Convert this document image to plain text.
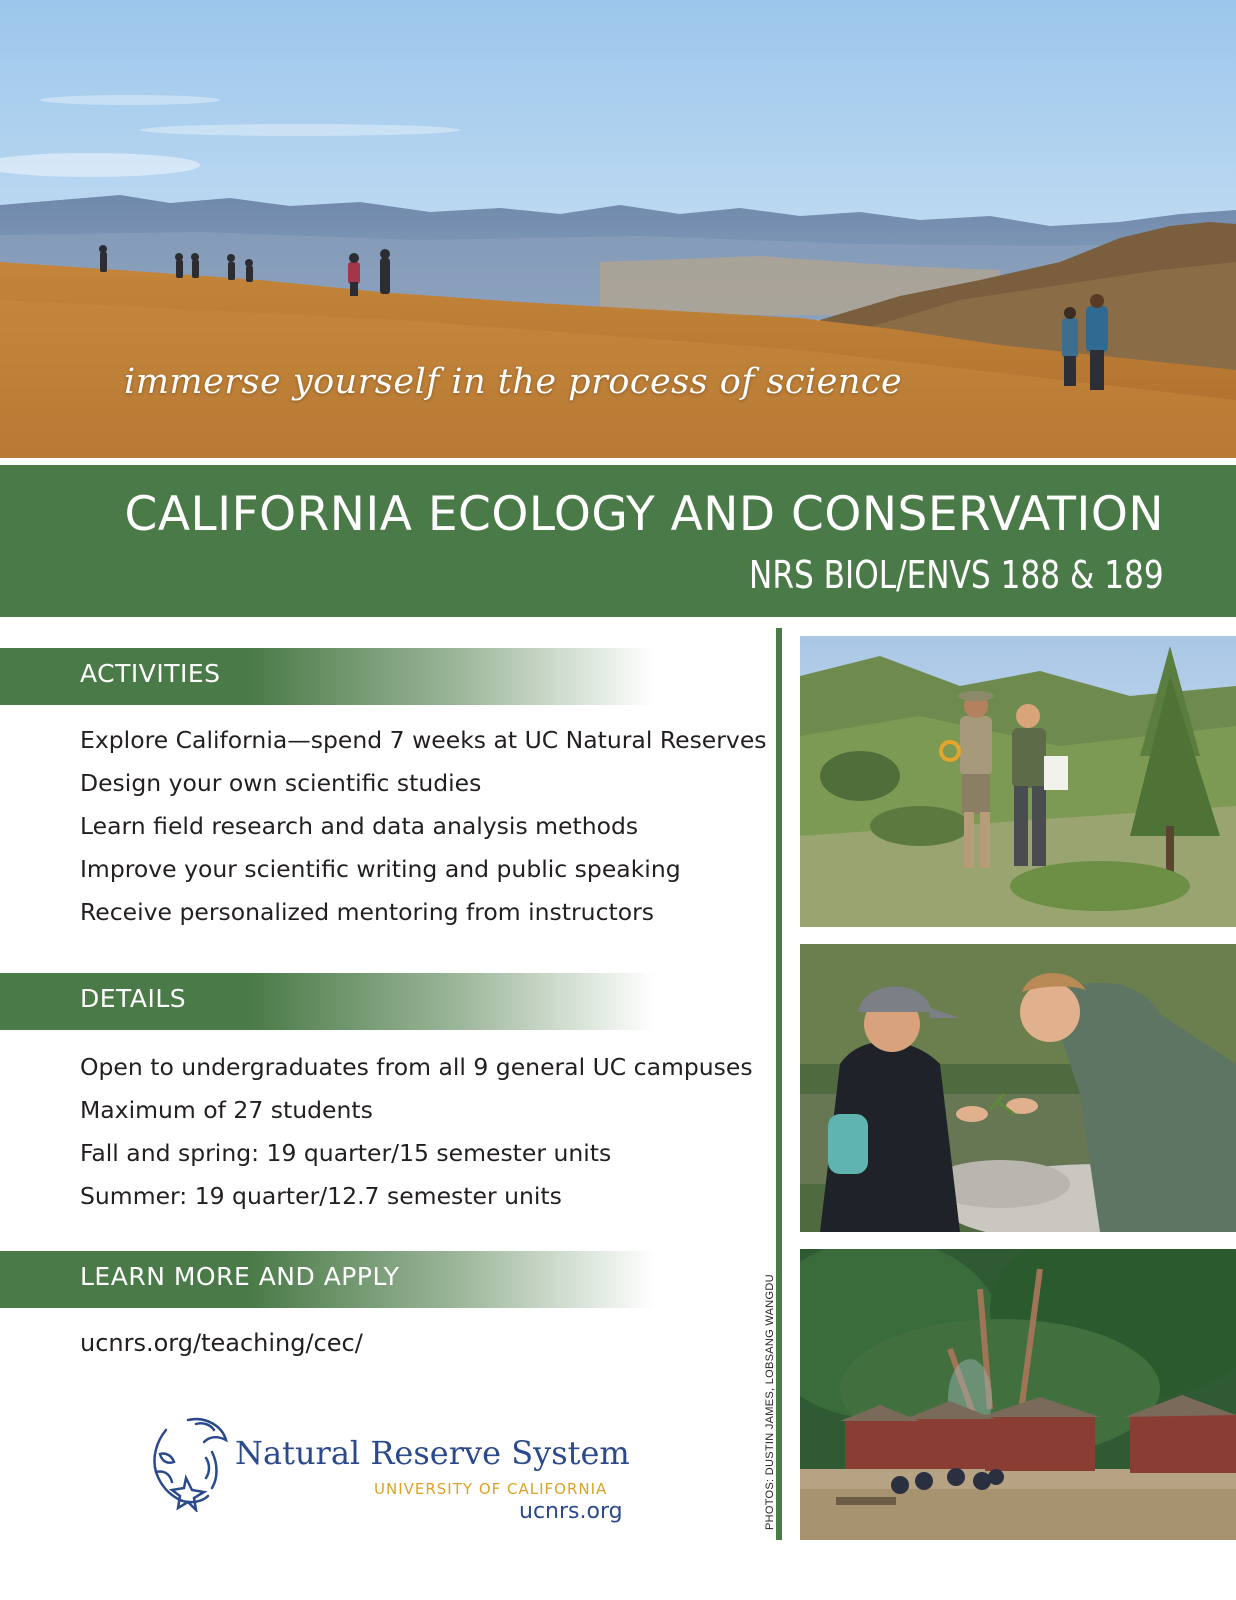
immerse yourself in the process of science
CALIFORNIA ECOLOGY AND CONSERVATION
NRS BIOL/ENVS 188 & 189
ACTIVITIES
Explore California—spend 7 weeks at UC Natural Reserves
Design your own scientific studies
Learn field research and data analysis methods
Improve your scientific writing and public speaking
Receive personalized mentoring from instructors
DETAILS
Open to undergraduates from all 9 general UC campuses
Maximum of 27 students
Fall and spring: 19 quarter/15 semester units
Summer: 19 quarter/12.7 semester units
LEARN MORE AND APPLY
ucnrs.org/teaching/cec/
Natural Reserve System
UNIVERSITY OF CALIFORNIA
ucnrs.org	PHOTOS: DUSTIN JAMES, LOBSANG WANGDU
